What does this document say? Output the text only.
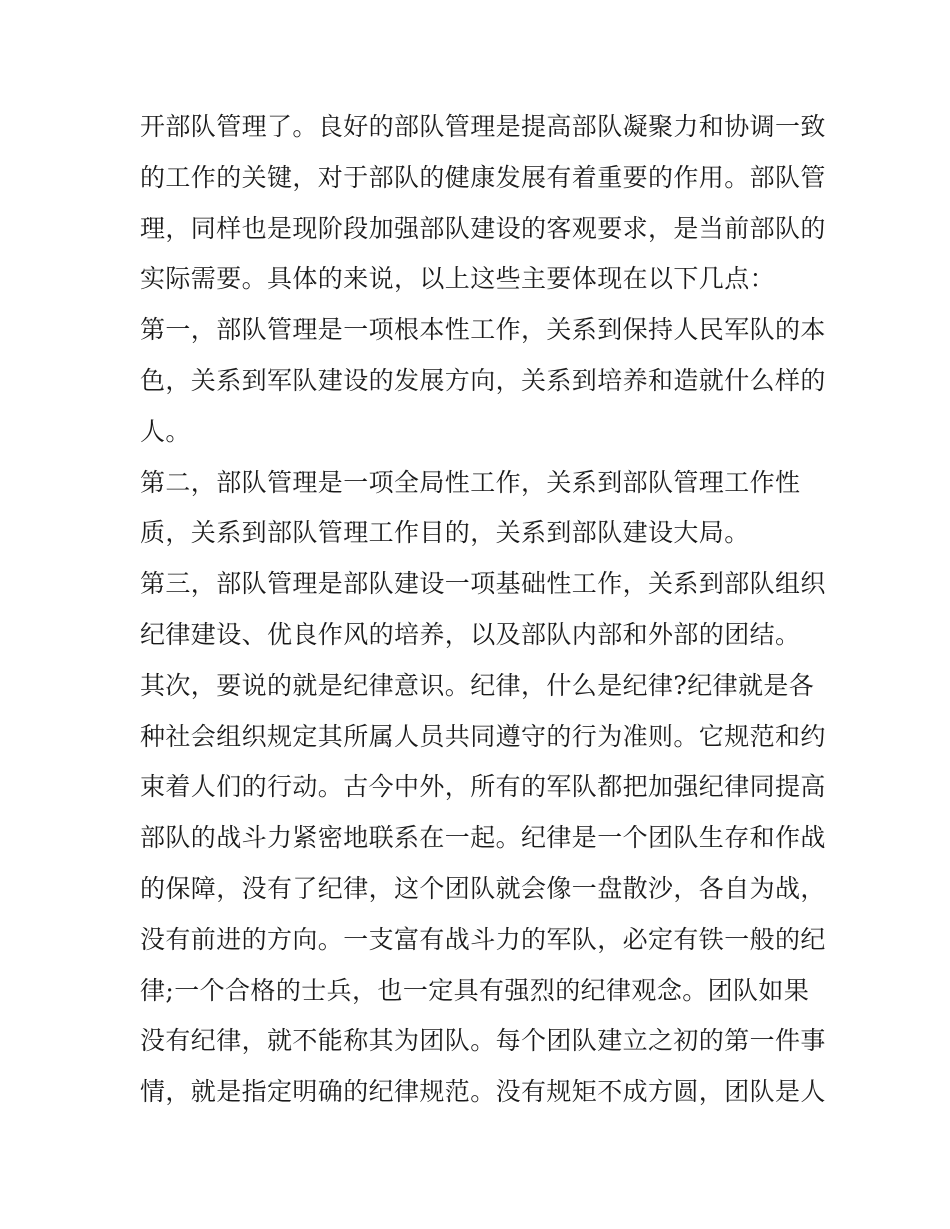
开部队管理了。良好的部队管理是提高部队凝聚力和协调一致
的工作的关键，对于部队的健康发展有着重要的作用。部队管
理，同样也是现阶段加强部队建设的客观要求，是当前部队的
实际需要。具体的来说，以上这些主要体现在以下几点：
第一，部队管理是一项根本性工作，关系到保持人民军队的本
色，关系到军队建设的发展方向，关系到培养和造就什么样的
人。
第二，部队管理是一项全局性工作，关系到部队管理工作性
质，关系到部队管理工作目的，关系到部队建设大局。
第三，部队管理是部队建设一项基础性工作，关系到部队组织
纪律建设、优良作风的培养，以及部队内部和外部的团结。
其次，要说的就是纪律意识。纪律，什么是纪律?纪律就是各
种社会组织规定其所属人员共同遵守的行为准则。它规范和约
束着人们的行动。古今中外，所有的军队都把加强纪律同提高
部队的战斗力紧密地联系在一起。纪律是一个团队生存和作战
的保障，没有了纪律，这个团队就会像一盘散沙，各自为战，
没有前进的方向。一支富有战斗力的军队，必定有铁一般的纪
律;一个合格的士兵，也一定具有强烈的纪律观念。团队如果
没有纪律，就不能称其为团队。每个团队建立之初的第一件事
情，就是指定明确的纪律规范。没有规矩不成方圆，团队是人
